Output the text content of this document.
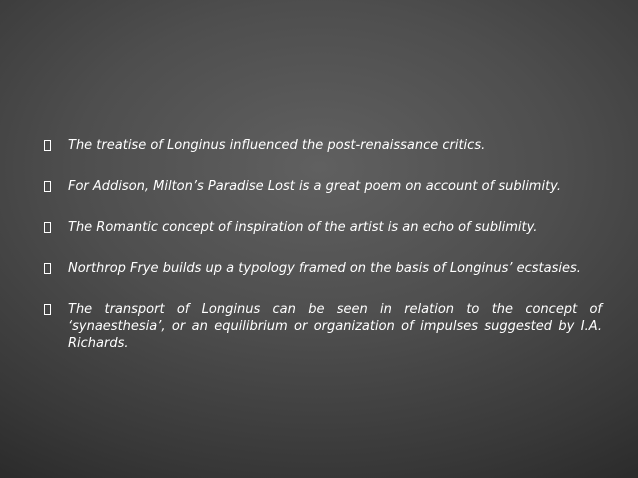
The treatise of Longinus influenced the post-renaissance critics.
For Addison, Milton’s Paradise Lost is a great poem on account of sublimity.
The Romantic concept of inspiration of the artist is an echo of sublimity.
Northrop Frye builds up a typology framed on the basis of Longinus’ ecstasies.
The transport of Longinus can be seen in relation to the concept of ‘synaesthesia’, or an equilibrium or organization of impulses suggested by I.A. Richards.
